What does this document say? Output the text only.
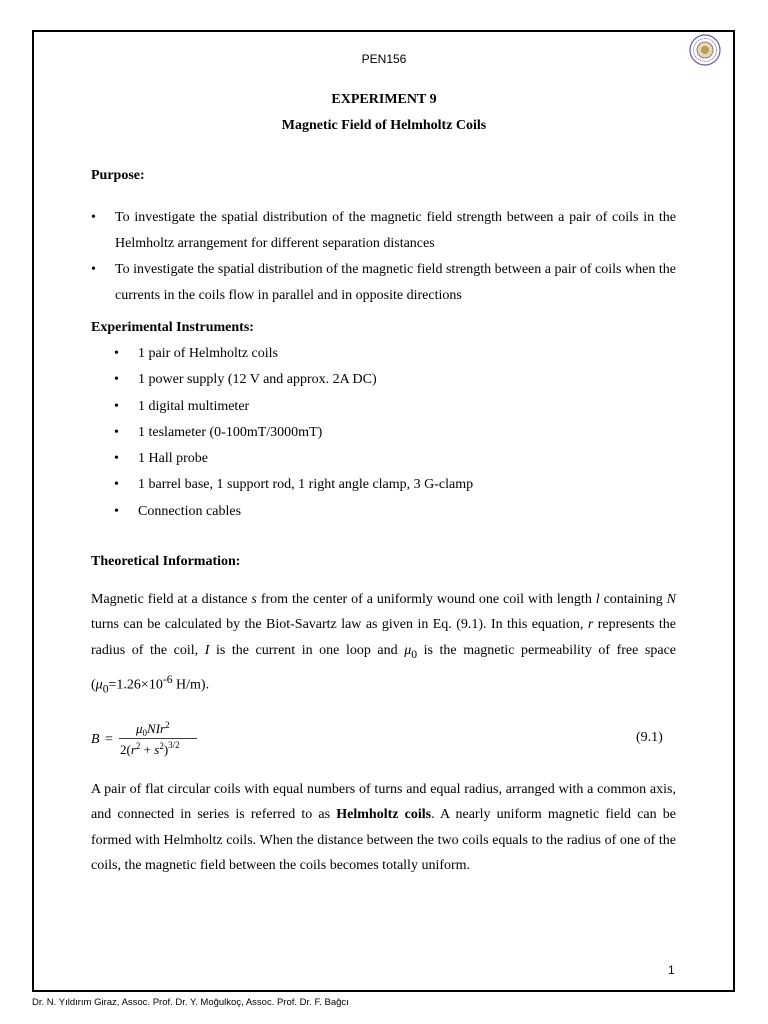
PEN156
EXPERIMENT 9
Magnetic Field of Helmholtz Coils
Purpose:
• To investigate the spatial distribution of the magnetic field strength between a pair of coils in the Helmholtz arrangement for different separation distances
• To investigate the spatial distribution of the magnetic field strength between a pair of coils when the currents in the coils flow in parallel and in opposite directions
Experimental Instruments:
• 1 pair of Helmholtz coils
• 1 power supply (12 V and approx. 2A DC)
• 1 digital multimeter
• 1 teslameter (0-100mT/3000mT)
• 1 Hall probe
• 1 barrel base, 1 support rod, 1 right angle clamp, 3 G-clamp
• Connection cables
Theoretical Information:
Magnetic field at a distance s from the center of a uniformly wound one coil with length l containing N turns can be calculated by the Biot-Savartz law as given in Eq. (9.1). In this equation, r represents the radius of the coil, I is the current in one loop and $\mu_0$ is the magnetic permeability of free space ($\mu_0=1.26\times 10^{-6}$ H/m).
B =
$\mu_0NIr^2$
$2(r^2 + s^2)^{3/2}$	(9.1)
A pair of flat circular coils with equal numbers of turns and equal radius, arranged with a common axis, and connected in series is referred to as Helmholtz coils. A nearly uniform magnetic field can be formed with Helmholtz coils. When the distance between the two coils equals to the radius of one of the coils, the magnetic field between the coils becomes totally uniform.
1
Dr. N. Yıldırım Giraz, Assoc. Prof. Dr. Y. Moğulkoç, Assoc. Prof. Dr. F. Bağcı
